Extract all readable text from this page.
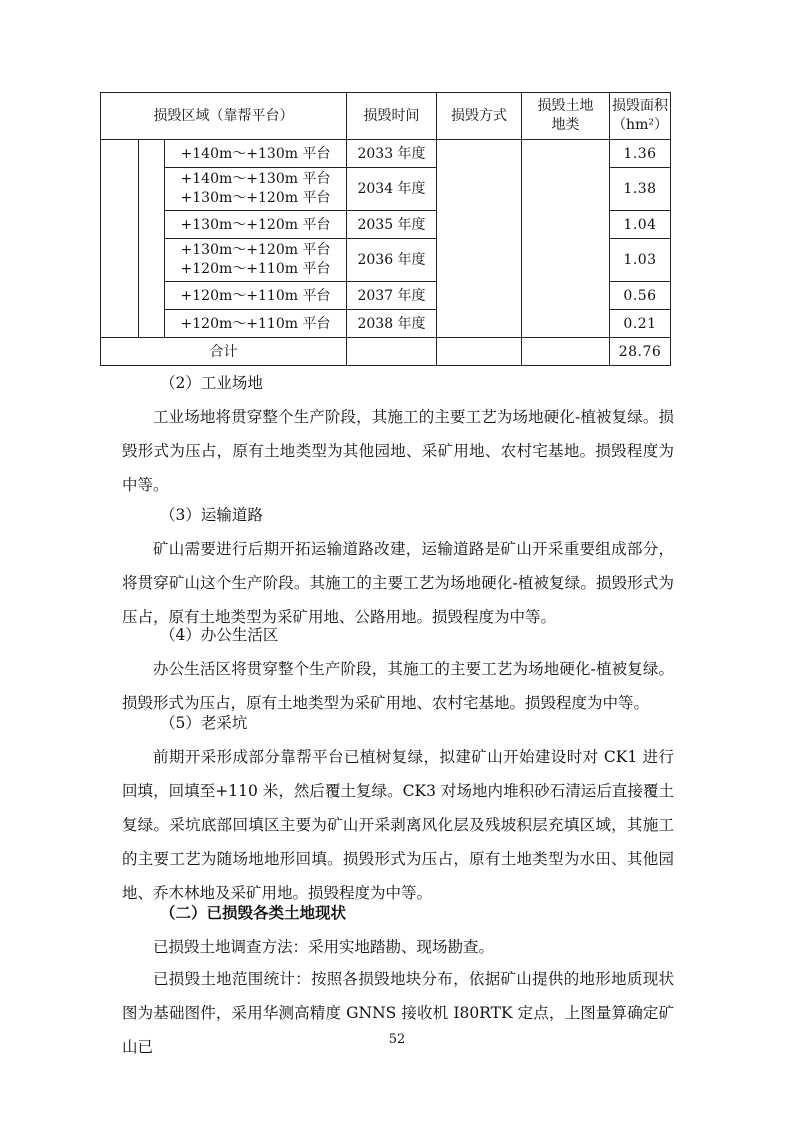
损毁区域（靠帮平台）			损毁时间	损毁方式	损毁土地
地类	损毁面积
（hm²）

		+140m～+130m 平台	2033 年度			1.36

		+140m～+130m 平台
+130m～+120m 平台	2034 年度			1.38
		+130m～+120m 平台	2035 年度			1.04

		+130m～+120m 平台
+120m～+110m 平台	2036 年度			1.03
		+120m～+110m 平台	2037 年度			0.56
		+120m～+110m 平台	2038 年度			0.21
合计						28.76
（2）工业场地

工业场地将贯穿整个生产阶段，其施工的主要工艺为场地硬化-植被复绿。损毁形式为压占，原有土地类型为其他园地、采矿用地、农村宅基地。损毁程度为中等。

（3）运输道路

矿山需要进行后期开拓运输道路改建，运输道路是矿山开采重要组成部分，将贯穿矿山这个生产阶段。其施工的主要工艺为场地硬化-植被复绿。损毁形式为压占，原有土地类型为采矿用地、公路用地。损毁程度为中等。

（4）办公生活区

办公生活区将贯穿整个生产阶段，其施工的主要工艺为场地硬化-植被复绿。损毁形式为压占，原有土地类型为采矿用地、农村宅基地。损毁程度为中等。

（5）老采坑

前期开采形成部分靠帮平台已植树复绿，拟建矿山开始建设时对 CK1 进行回填，回填至+110 米，然后覆土复绿。CK3 对场地内堆积砂石清运后直接覆土复绿。采坑底部回填区主要为矿山开采剥离风化层及残坡积层充填区域，其施工的主要工艺为随场地地形回填。损毁形式为压占，原有土地类型为水田、其他园地、乔木林地及采矿用地。损毁程度为中等。

（二）已损毁各类土地现状

已损毁土地调查方法：采用实地踏勘、现场勘查。

已损毁土地范围统计：按照各损毁地块分布，依据矿山提供的地形地质现状图为基础图件，采用华测高精度 GNNS 接收机 I80RTK 定点，上图量算确定矿山已	52
